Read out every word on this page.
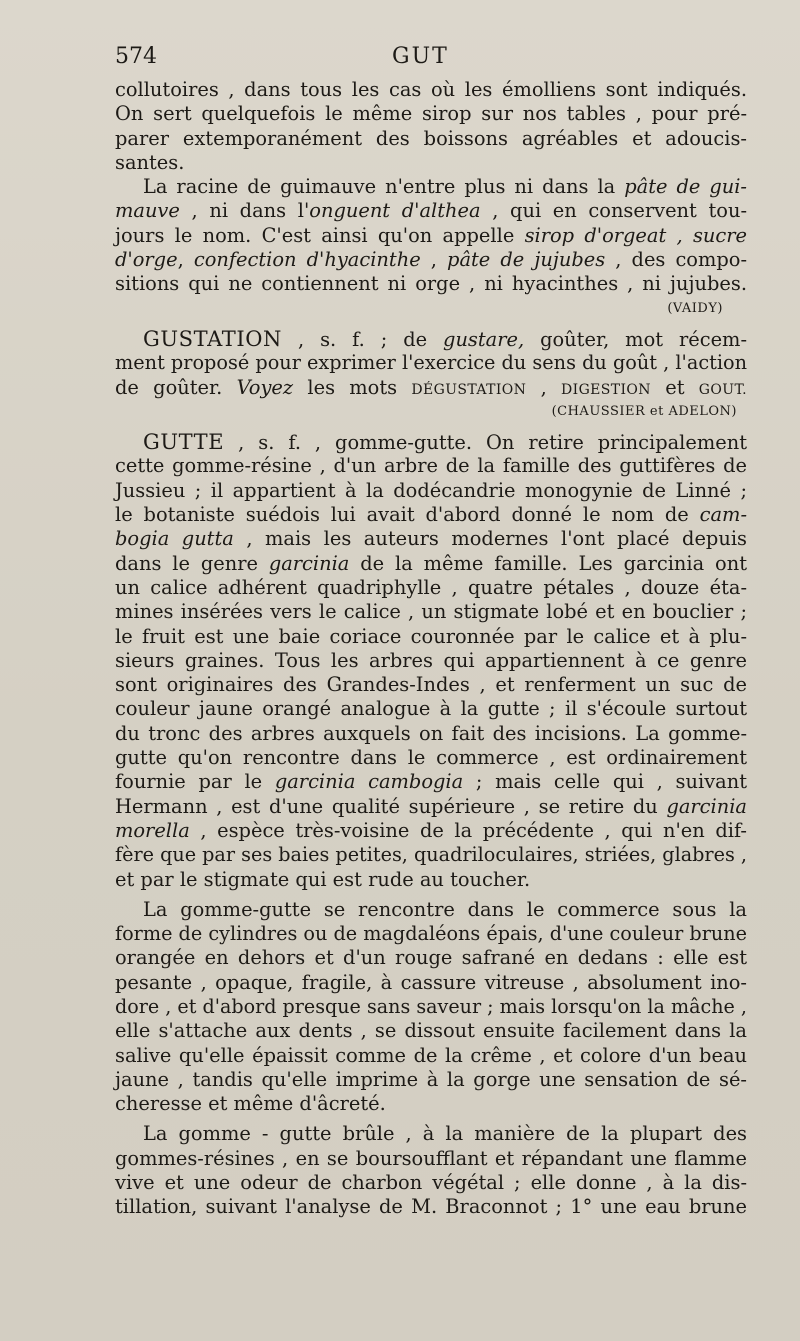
574	GUT
collutoires , dans tous les cas où les émolliens sont indiqués.
On sert quelquefois le même sirop sur nos tables , pour pré-
parer extemporanément des boissons agréables et adoucis-
santes.
La racine de guimauve n'entre plus ni dans la pâte de gui-
mauve , ni dans l'onguent d'althea , qui en conservent tou-
jours le nom. C'est ainsi qu'on appelle sirop d'orgeat , sucre
d'orge, confection d'hyacinthe , pâte de jujubes , des compo-
sitions qui ne contiennent ni orge , ni hyacinthes , ni jujubes.
(VAIDY)
GUSTATION , s. f. ; de gustare, goûter, mot récem-
ment proposé pour exprimer l'exercice du sens du goût , l'action
de goûter. Voyez les mots DÉGUSTATION , DIGESTION et GOUT.
(CHAUSSIER et ADELON)
GUTTE , s. f. , gomme-gutte. On retire principalement
cette gomme-résine , d'un arbre de la famille des guttifères de
Jussieu ; il appartient à la dodécandrie monogynie de Linné ;
le botaniste suédois lui avait d'abord donné le nom de cam-
bogia gutta , mais les auteurs modernes l'ont placé depuis
dans le genre garcinia de la même famille. Les garcinia ont
un calice adhérent quadriphylle , quatre pétales , douze éta-
mines insérées vers le calice , un stigmate lobé et en bouclier ;
le fruit est une baie coriace couronnée par le calice et à plu-
sieurs graines. Tous les arbres qui appartiennent à ce genre
sont originaires des Grandes-Indes , et renferment un suc de
couleur jaune orangé analogue à la gutte ; il s'écoule surtout
du tronc des arbres auxquels on fait des incisions. La gomme-
gutte qu'on rencontre dans le commerce , est ordinairement
fournie par le garcinia cambogia ; mais celle qui , suivant
Hermann , est d'une qualité supérieure , se retire du garcinia
morella , espèce très-voisine de la précédente , qui n'en dif-
fère que par ses baies petites, quadriloculaires, striées, glabres ,
et par le stigmate qui est rude au toucher.
La gomme-gutte se rencontre dans le commerce sous la
forme de cylindres ou de magdaléons épais, d'une couleur brune
orangée en dehors et d'un rouge safrané en dedans : elle est
pesante , opaque, fragile, à cassure vitreuse , absolument ino-
dore , et d'abord presque sans saveur ; mais lorsqu'on la mâche ,
elle s'attache aux dents , se dissout ensuite facilement dans la
salive qu'elle épaissit comme de la crême , et colore d'un beau
jaune , tandis qu'elle imprime à la gorge une sensation de sé-
cheresse et même d'âcreté.
La gomme - gutte brûle , à la manière de la plupart des
gommes-résines , en se boursoufflant et répandant une flamme
vive et une odeur de charbon végétal ; elle donne , à la dis-
tillation, suivant l'analyse de M. Braconnot ; 1° une eau brune
